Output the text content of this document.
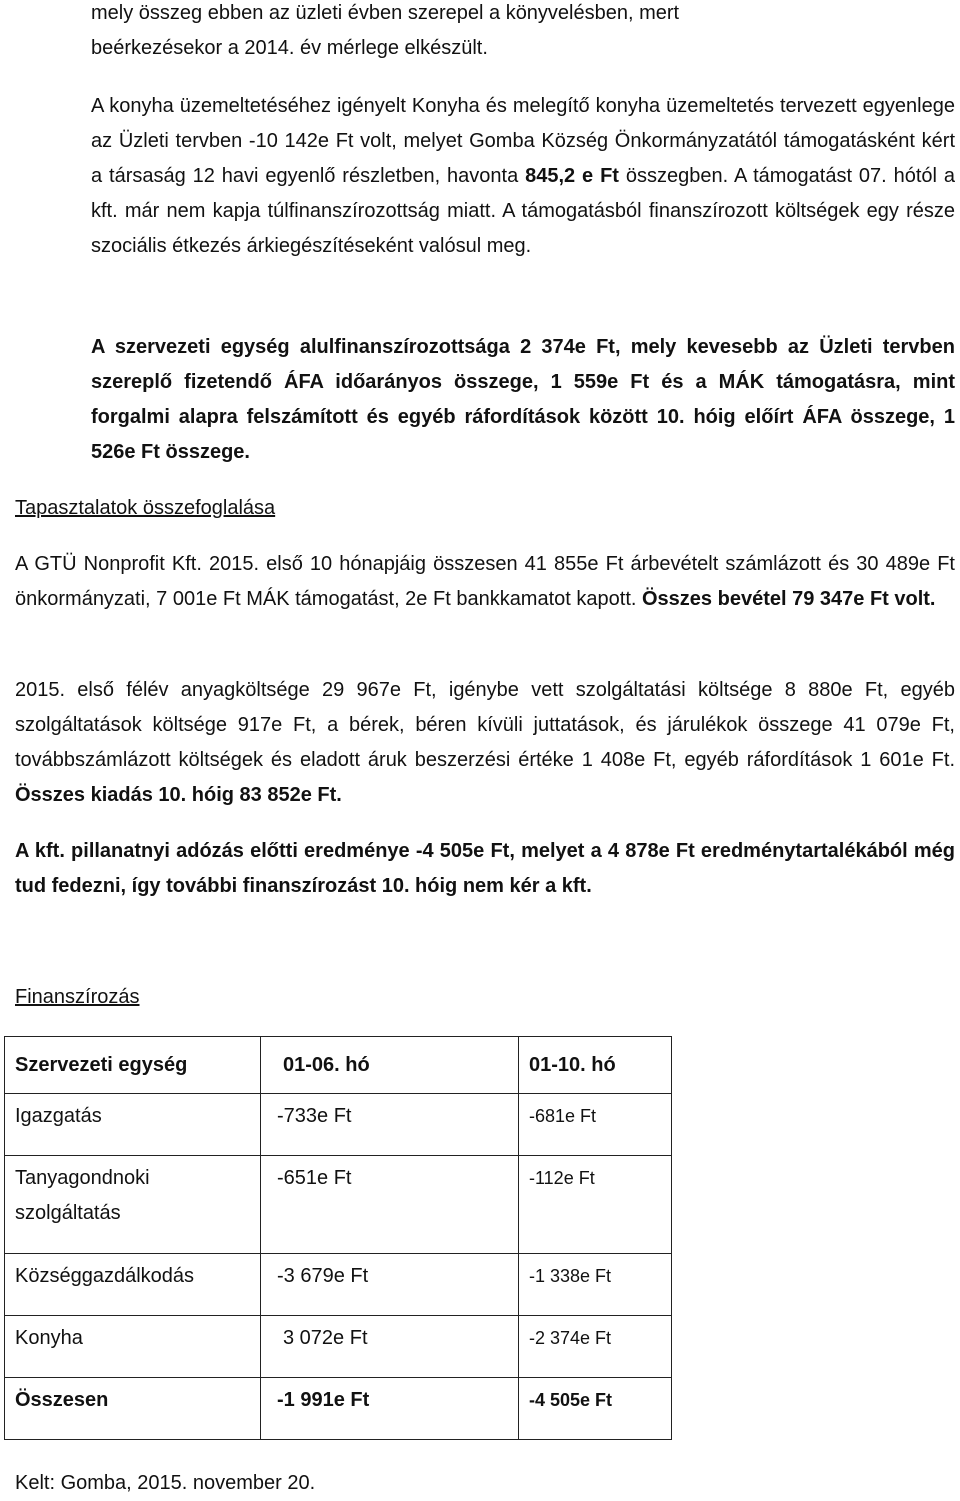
mely összeg ebben az üzleti évben szerepel a könyvelésben, mert
beérkezésekor a 2014. év mérlege elkészült.

A konyha üzemeltetéséhez igényelt Konyha és melegítő konyha üzemeltetés tervezett egyenlege az Üzleti tervben -10 142e Ft volt, melyet Gomba Község Önkormányzatától támogatásként kért a társaság 12 havi egyenlő részletben, havonta 845,2 e Ft összegben. A támogatást 07. hótól a kft. már nem kapja túlfinanszírozottság miatt. A támogatásból finanszírozott költségek egy része szociális étkezés árkiegészítéseként valósul meg.

A szervezeti egység alulfinanszírozottsága 2 374e Ft, mely kevesebb az Üzleti tervben szereplő fizetendő ÁFA időarányos összege, 1 559e Ft és a MÁK támogatásra, mint forgalmi alapra felszámított és egyéb ráfordítások között 10. hóig előírt ÁFA összege, 1 526e Ft összege.

Tapasztalatok összefoglalása

A GTÜ Nonprofit Kft. 2015. első 10 hónapjáig összesen 41 855e Ft árbevételt számlázott és 30 489e Ft önkormányzati, 7 001e Ft MÁK támogatást, 2e Ft bankkamatot kapott. Összes bevétel 79 347e Ft volt.

2015. első félév anyagköltsége 29 967e Ft, igénybe vett szolgáltatási költsége 8 880e Ft, egyéb szolgáltatások költsége 917e Ft, a bérek, béren kívüli juttatások, és járulékok összege 41 079e Ft, továbbszámlázott költségek és eladott áruk beszerzési értéke 1 408e Ft, egyéb ráfordítások 1 601e Ft. Összes kiadás 10. hóig 83 852e Ft.

A kft. pillanatnyi adózás előtti eredménye -4 505e Ft, melyet a 4 878e Ft eredménytartalékából még tud fedezni, így további finanszírozást 10. hóig nem kér a kft.

Finanszírozás
Szervezeti egység	01-06. hó	01-10. hó
Igazgatás	-733e Ft	-681e Ft
Tanyagondnoki szolgáltatás	-651e Ft	-112e Ft
Községgazdálkodás	-3 679e Ft	-1 338e Ft
Konyha	3 072e Ft	-2 374e Ft
Összesen	-1 991e Ft	-4 505e Ft
Kelt: Gomba, 2015. november 20.
